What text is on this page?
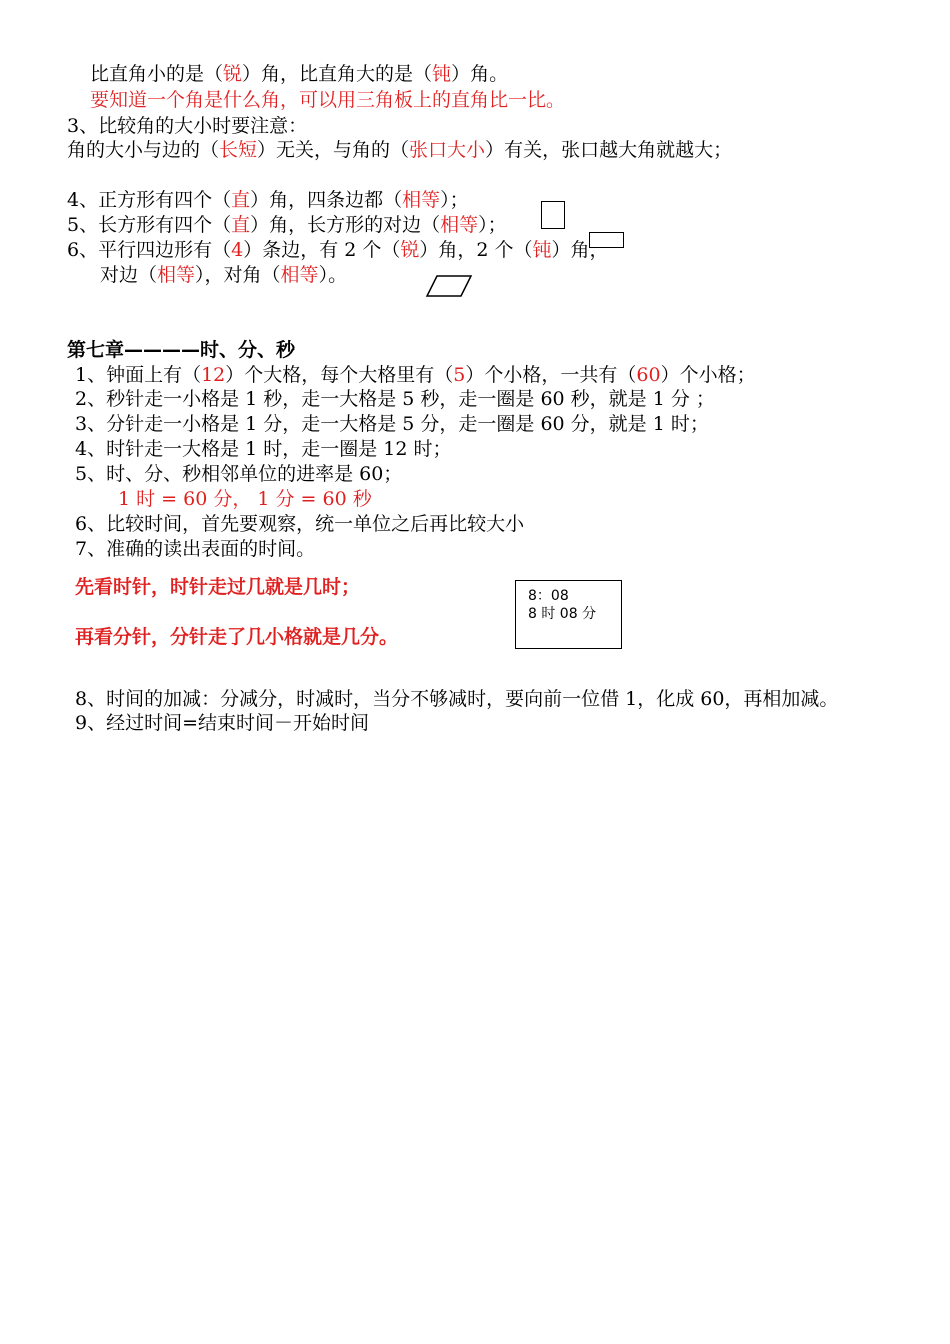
比直角小的是（锐）角，比直角大的是（钝）角。
要知道一个角是什么角，可以用三角板上的直角比一比。
3、比较角的大小时要注意：
角的大小与边的（长短）无关，与角的（张口大小）有关，张口越大角就越大；
4、正方形有四个（直）角，四条边都（相等）；
5、长方形有四个（直）角，长方形的对边（相等）；
6、平行四边形有（4）条边，有 2 个（锐）角，2 个（钝）角，
对边（相等），对角（相等）。
第七章————时、分、秒
1、钟面上有（12）个大格，每个大格里有（5）个小格，一共有（60）个小格；
2、秒针走一小格是 1 秒，走一大格是 5 秒，走一圈是 60 秒，就是 1 分 ；
3、分针走一小格是 1 分，走一大格是 5 分，走一圈是 60 分，就是 1 时；
4、时针走一大格是 1 时，走一圈是 12 时；
5、时、分、秒相邻单位的进率是 60；
1 时 = 60 分， 1 分 = 60 秒
6、比较时间，首先要观察，统一单位之后再比较大小
7、准确的读出表面的时间。
先看时针，时针走过几就是几时；
再看分针，分针走了几小格就是几分。
8：08
8 时 08 分
8、时间的加减：分减分，时减时，当分不够减时，要向前一位借 1，化成 60，再相加减。
9、经过时间=结束时间－开始时间
